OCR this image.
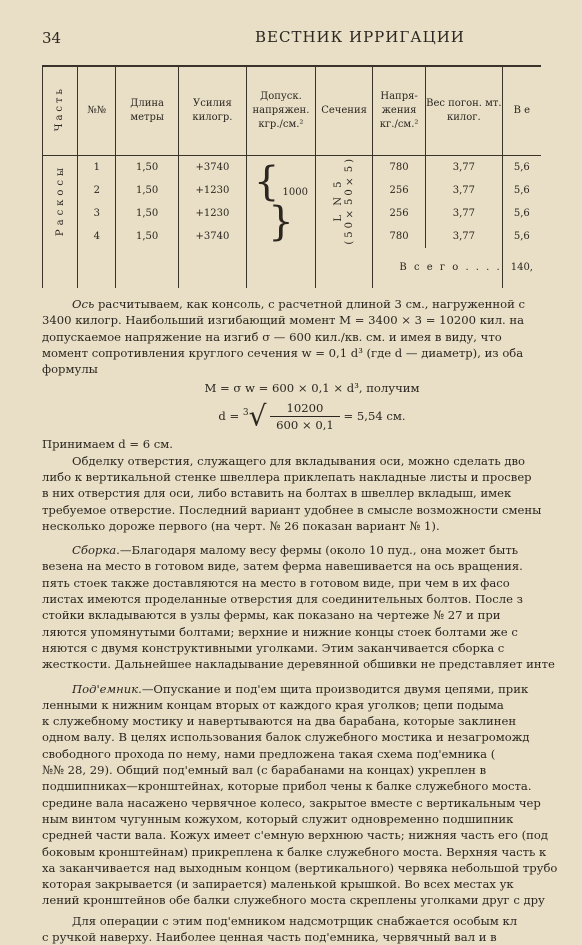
34	ВЕСТНИК ИРРИГАЦИИ
Часть	№№	Длина метры	Усилия килогр.	Допуск. напряжен. кгр./см.²	Сечения	Напря- жения кг./см.²	Вес погон. мт. килог.	В е
Раскосы	1	1,50	+3740	{ 1000 }	L N 5 (50×50×5)	780	3,77	5,6
	2	1,50	+1230			256	3,77	5,6
	3	1,50	+1230			256	3,77	5,6
	4	1,50	+3740			780	3,77	5,6
						В с е г о . . . .		140,

Ось расчитываем, как консоль, с расчетной длиной 3 см., нагруженной с

3400 килогр. Наибольший изгибающий момент M = 3400 × 3 = 10200 кил. на

допускаемое напряжение на изгиб σ — 600 кил./кв. см. и имея в виду, что

момент сопротивления круглого сечения w = 0,1 d³ (где d — диаметр), из оба

формулы

M = σ w = 600 × 0,1 × d³, получим
$d = ^3√ \frac{10200}{600 \times 0,1} = 5,54$ см.

Принимаем d = 6 см.

Обделку отверстия, служащего для вкладывания оси, можно сделать дво

либо к вертикальной стенке швеллера приклепать накладные листы и просвер

в них отверстия для оси, либо вставить на болтах в швеллер вкладыш, имек

требуемое отверстие. Последний вариант удобнее в смысле возможности смены

несколько дороже первого (на черт. № 26 показан вариант № 1).

Сборка.—Благодаря малому весу фермы (около 10 пуд., она может быть

везена на место в готовом виде, затем ферма навешивается на ось вращения.

пять стоек также доставляются на место в готовом виде, при чем в их фасо

листах имеются проделанные отверстия для соединительных болтов. После з

стойки вкладываются в узлы фермы, как показано на чертеже № 27 и при

ляются упомянутыми болтами; верхние и нижние концы стоек болтами же с

няются с двумя конструктивными уголками. Этим заканчивается сборка с

жесткости. Дальнейшее накладывание деревянной обшивки не представляет инте

Под'емник.—Опускание и под'ем щита производится двумя цепями, прик

ленными к нижним концам вторых от каждого края уголков; цепи подыма

к служебному мостику и навертываются на два барабана, которые заклинен

одном валу. В целях использования балок служебного мостика и незагроможд

свободного прохода по нему, нами предложена такая схема под'емника (

№№ 28, 29). Общий под'емный вал (с барабанами на концах) укреплен в

подшипниках—кронштейнах, которые прибол чены к балке служебного моста.

средине вала насажено червячное колесо, закрытое вместе с вертикальным чер

ным винтом чугунным кожухом, который служит одновременно подшипник

средней части вала. Кожух имеет с'емную верхнюю часть; нижняя часть его (под

боковым кронштейнам) прикреплена к балке служебного моста. Верхняя часть к

ха заканчивается над выходным концом (вертикального) червяка небольшой трубо

которая закрывается (и запирается) маленькой крышкой. Во всех местах ук

лений кронштейнов обе балки служебного моста скреплены уголками друг с дру

Для операции с этим под'емником надсмотрщик снабжается особым кл

с ручкой наверху. Наиболее ценная часть под'емника, червячный вал и в
